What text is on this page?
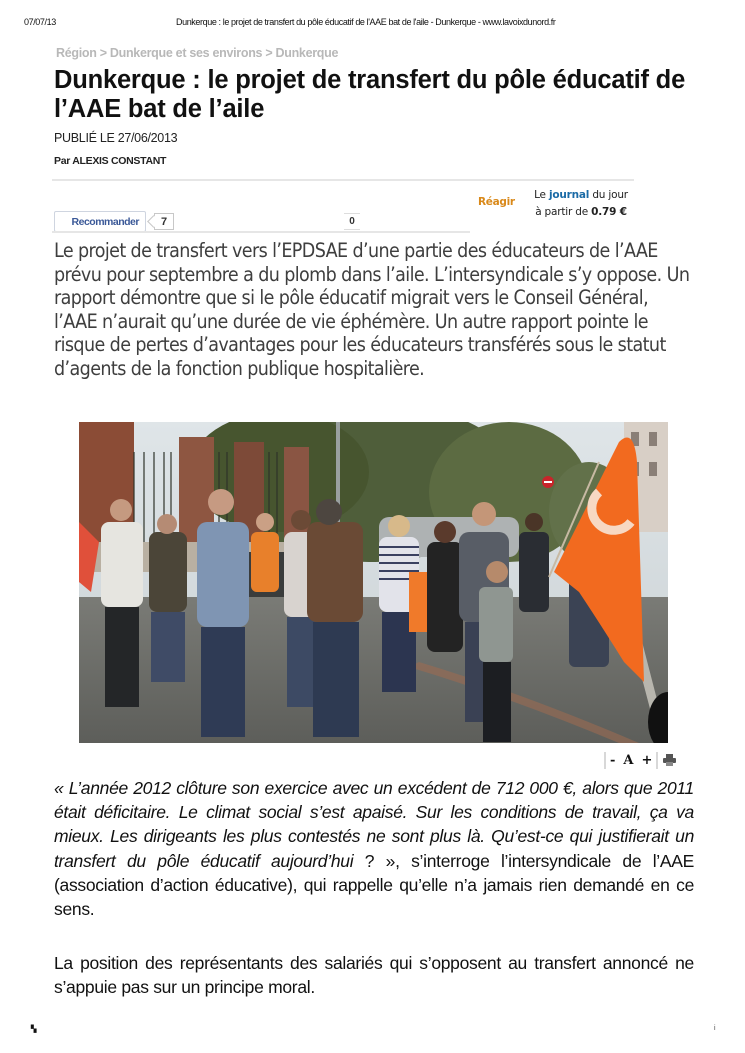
07/07/13	Dunkerque : le projet de transfert du pôle éducatif de l'AAE bat de l'aile - Dunkerque - www.lavoixdunord.fr
Région > Dunkerque et ses environs > Dunkerque
Dunkerque : le projet de transfert du pôle éducatif de l’AAE bat de l’aile
PUBLIÉ LE 27/06/2013
Par ALEXIS CONSTANT
Recommander	7	0
Réagir
Le journal du jour
à partir de 0.79 €

Le projet de transfert vers l’EPDSAE d’une partie des éducateurs de l’AAE prévu pour septembre a du plomb dans l’aile. L’intersyndicale s’y oppose. Un rapport démontre que si le pôle éducatif migrait vers le Conseil Général, l’AAE n’aurait qu’une durée de vie éphémère. Un autre rapport pointe le risque de pertes d’avantages pour les éducateurs transférés sous le statut d’agents de la fonction publique hospitalière.

- A +

« L’année 2012 clôture son exercice avec un excédent de 712 000 €, alors que 2011 était déficitaire. Le climat social s’est apaisé. Sur les conditions de travail, ça va mieux. Les dirigeants les plus contestés ne sont plus là. Qu’est-ce qui justifierait un transfert du pôle éducatif aujourd’hui ? », s’interroge l’intersyndicale de l’AAE (association d’action éducative), qui rappelle qu’elle n’a jamais rien demandé en ce sens.

La position des représentants des salariés qui s’opposent au transfert annoncé ne s’appuie pas sur un principe moral.

▚	i
